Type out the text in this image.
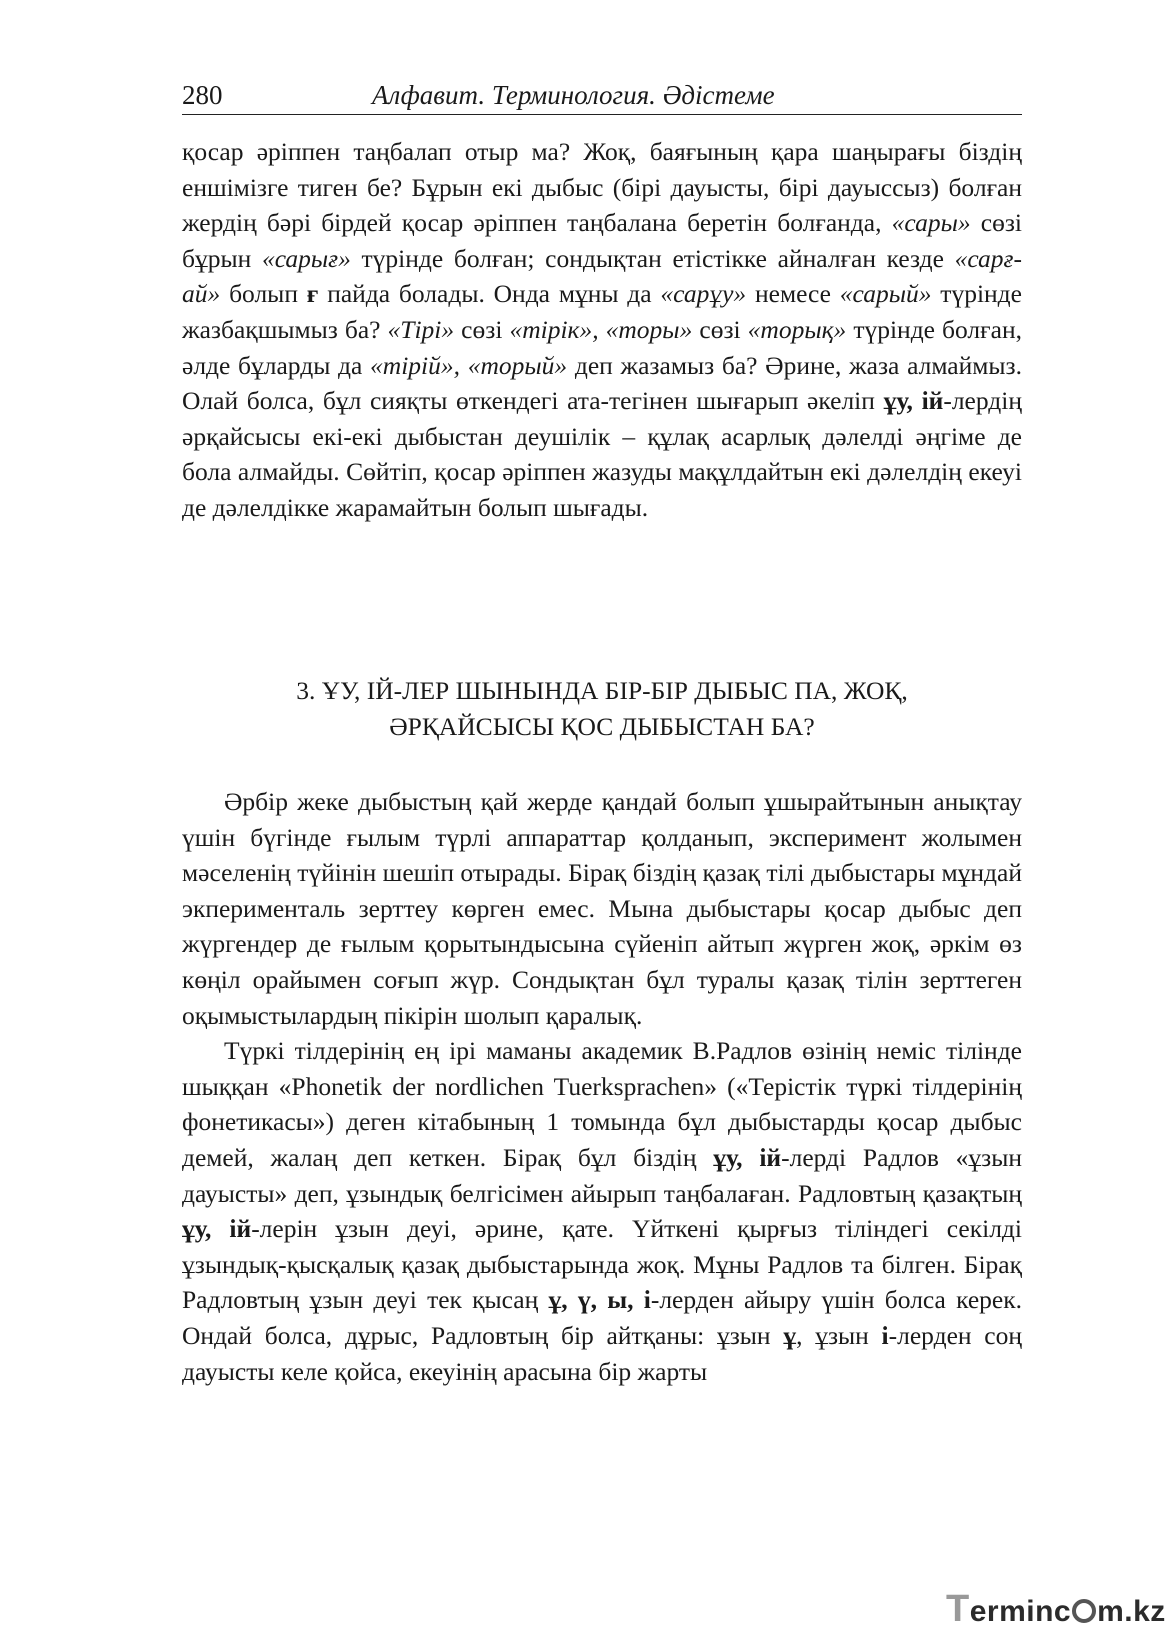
280	Алфавит. Терминология. Әдістеме

қосар әріппен таңбалап отыр ма? Жоқ, баяғының қара шаңырағы біздің еншімізге тиген бе? Бұрын екі дыбыс (бірі дауысты, бірі дауыссыз) болған жердің бәрі бірдей қосар әріппен таңбалана беретін болғанда, «сары» сөзі бұрын «сарығ» түрінде болған; сондықтан етістікке айналған кезде «сарғ-ай» болып ғ пайда болады. Онда мұны да «сарұу» немесе «сарый» түрінде жазбақшымыз ба? «Тірі» сөзі «тірік», «торы» сөзі «торық» түрінде болған, әлде бұларды да «тірій», «торый» деп жазамыз ба? Әрине, жаза алмаймыз. Олай болса, бұл сияқты өткендегі ата-тегінен шығарып әкеліп ұу, ій-лердің әрқайсысы екі-екі дыбыстан деушілік – құлақ асарлық дәлелді әңгіме де бола алмайды. Сөйтіп, қосар әріппен жазуды мақұлдайтын екі дәлелдің екеуі де дәлелдікке жарамайтын болып шығады.

3. ҰУ, ІЙ-ЛЕР ШЫНЫНДА БІР-БІР ДЫБЫС ПА, ЖОҚ,
ӘРҚАЙСЫСЫ ҚОС ДЫБЫСТАН БА?

Әрбір жеке дыбыстың қай жерде қандай болып ұшырайтынын анықтау үшін бүгінде ғылым түрлі аппараттар қолданып, эксперимент жолымен мәселенің түйінін шешіп отырады. Бірақ біздің қазақ тілі дыбыстары мұндай экперименталь зерттеу көрген емес. Мына дыбыстары қосар дыбыс деп жүргендер де ғылым қорытындысына сүйеніп айтып жүрген жоқ, әркім өз көңіл орайымен соғып жүр. Сондықтан бұл туралы қазақ тілін зерттеген оқымыстылардың пікірін шолып қаралық.

Түркі тілдерінің ең ірі маманы академик В.Радлов өзінің неміс тілінде шыққан «Phonetik der nordlichen Tuerksprachen» («Терістік түркі тілдерінің фонетикасы») деген кітабының 1 томында бұл дыбыстарды қосар дыбыс демей, жалаң деп кеткен. Бірақ бұл біздің ұу, ій-лерді Радлов «ұзын дауысты» деп, ұзындық белгісімен айырып таңбалаған. Радловтың қазақтың ұу, ій-лерін ұзын деуі, әрине, қате. Үйткені қырғыз тіліндегі секілді ұзындық-қысқалық қазақ дыбыстарында жоқ. Мұны Радлов та білген. Бірақ Радловтың ұзын деуі тек қысаң ұ, ү, ы, і-лерден айыру үшін болса керек. Ондай болса, дұрыс, Радловтың бір айтқаны: ұзын ұ, ұзын і-лерден соң дауысты келе қойса, екеуінің арасына бір жарты

Terminc m.kz
